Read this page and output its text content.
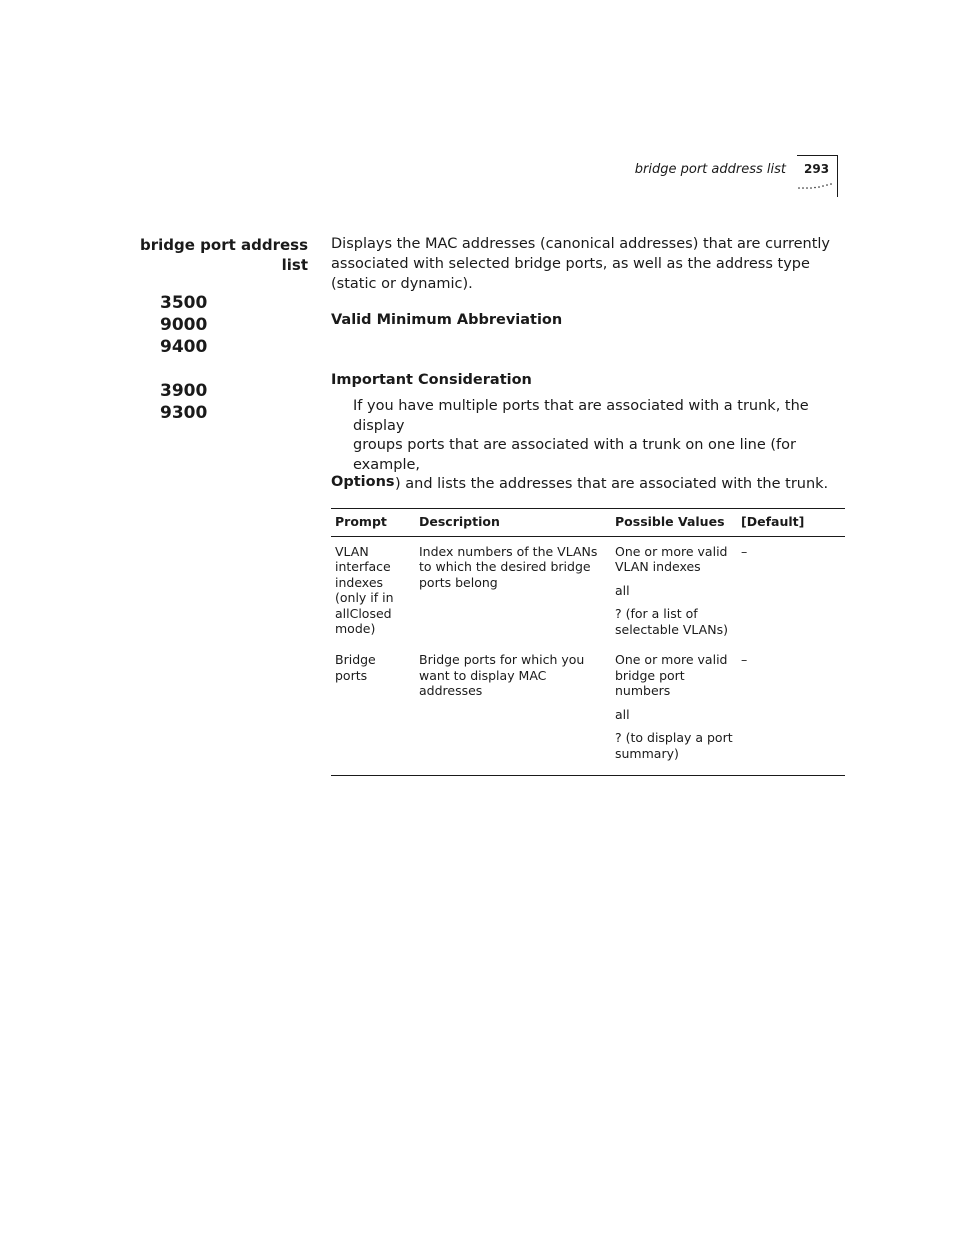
bridge port address list 293
bridge port address
list
3500
9000
9400
3900
9300
Displays the MAC addresses (canonical addresses) that are currently associated with selected bridge ports, as well as the address type (static or dynamic).
Valid Minimum Abbreviation
Important Consideration

If you have multiple ports that are associated with a trunk, the display

groups ports that are associated with a trunk on one line (for example,

) and lists the addresses that are associated with the trunk.

Options
Prompt	Description	Possible Values	[Default]
VLAN interface indexes (only if in allClosed mode)	Index numbers of the VLANs to which the desired bridge ports belong	One or more valid VLAN indexes
all
? (for a list of selectable VLANs)	–
Bridge ports	Bridge ports for which you want to display MAC addresses	One or more valid bridge port numbers
all
? (to display a port summary)	–
